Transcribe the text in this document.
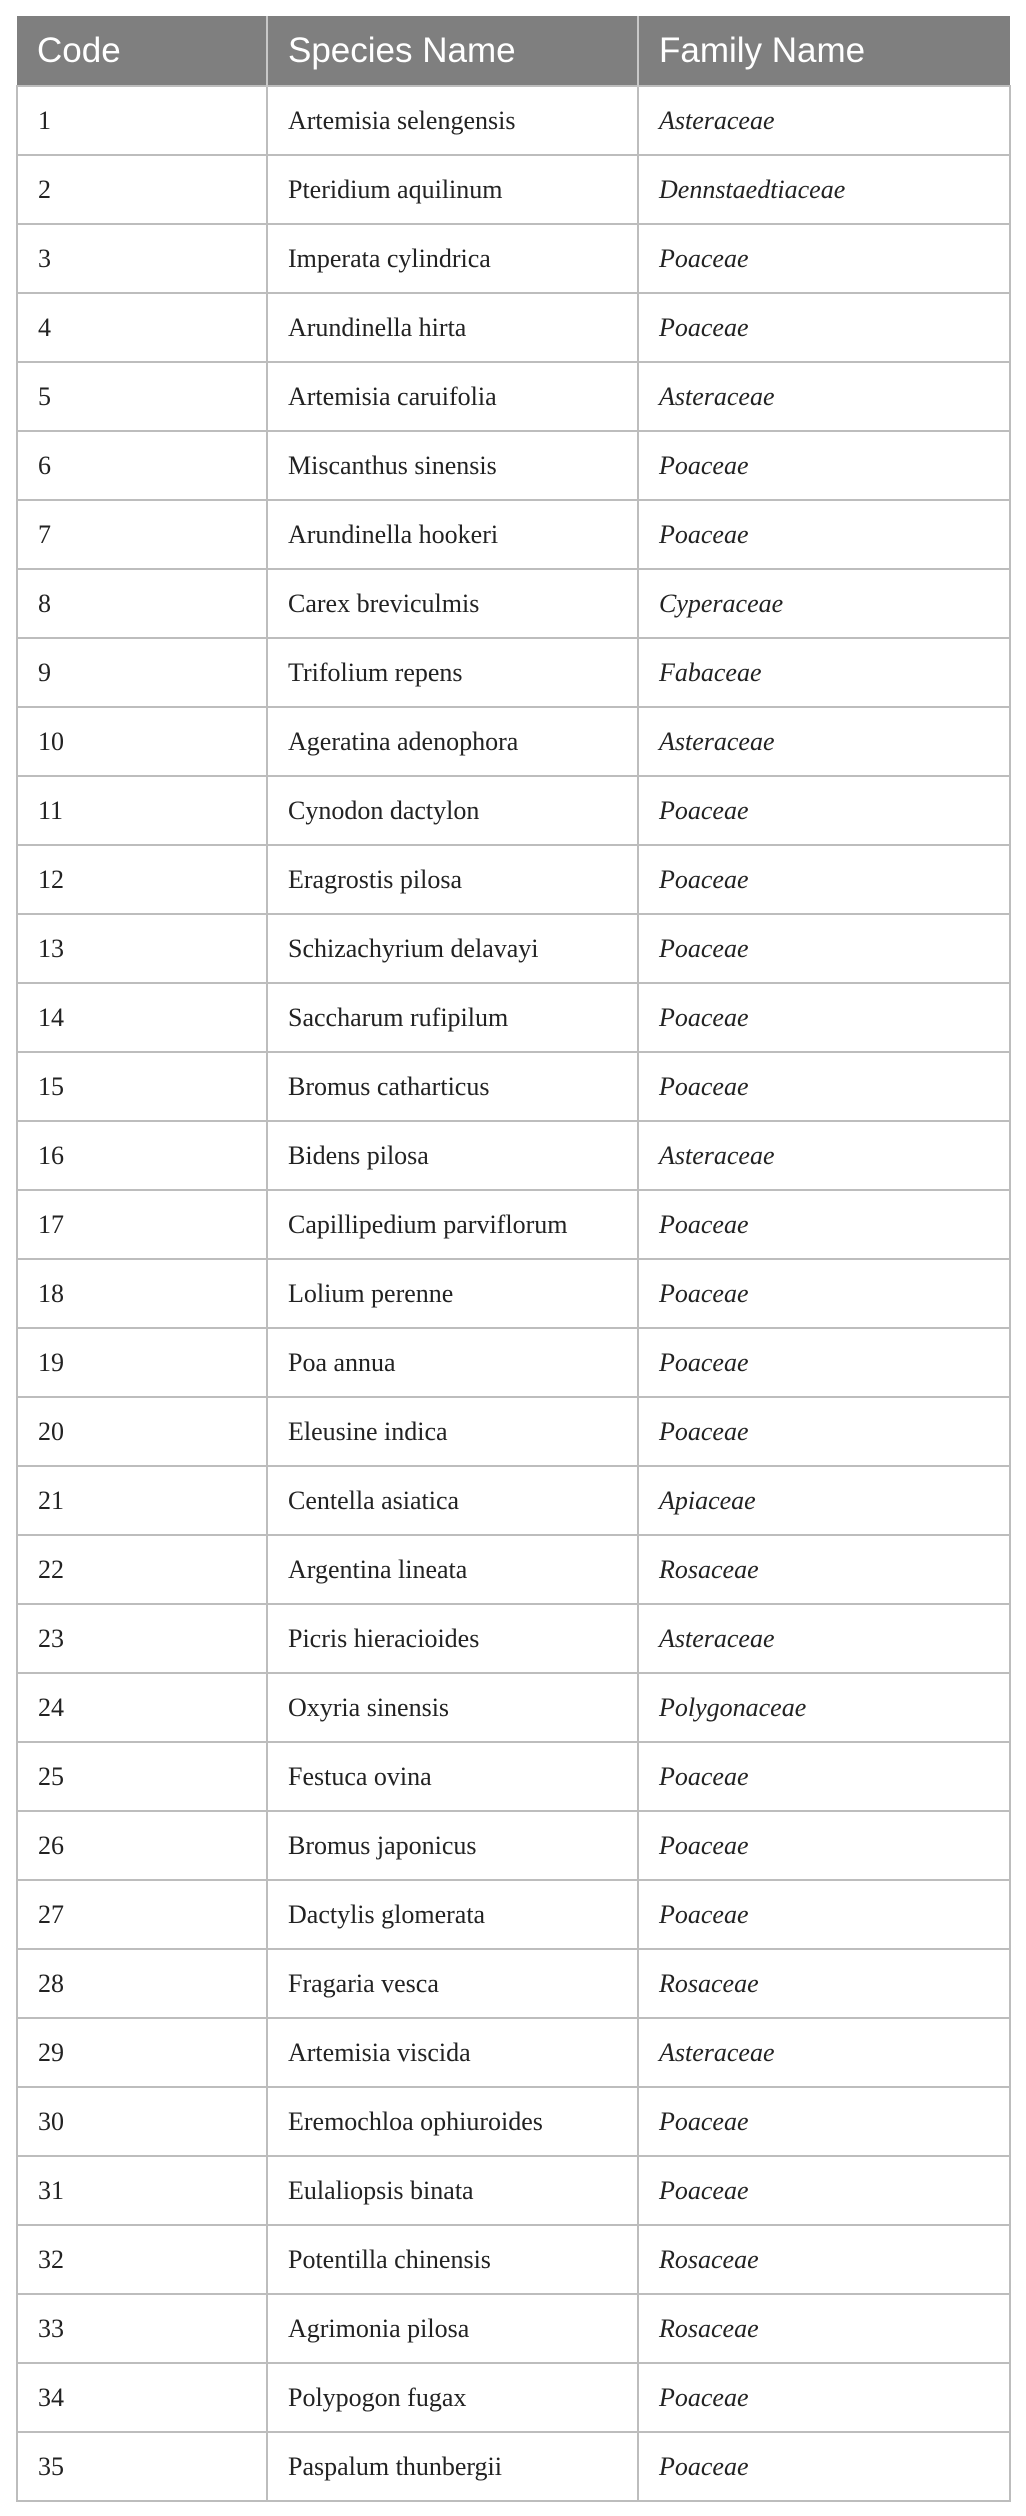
Code	Species Name	Family Name
1	Artemisia selengensis	Asteraceae
2	Pteridium aquilinum	Dennstaedtiaceae
3	Imperata cylindrica	Poaceae
4	Arundinella hirta	Poaceae
5	Artemisia caruifolia	Asteraceae
6	Miscanthus sinensis	Poaceae
7	Arundinella hookeri	Poaceae
8	Carex breviculmis	Cyperaceae
9	Trifolium repens	Fabaceae
10	Ageratina adenophora	Asteraceae
11	Cynodon dactylon	Poaceae
12	Eragrostis pilosa	Poaceae
13	Schizachyrium delavayi	Poaceae
14	Saccharum rufipilum	Poaceae
15	Bromus catharticus	Poaceae
16	Bidens pilosa	Asteraceae
17	Capillipedium parviflorum	Poaceae
18	Lolium perenne	Poaceae
19	Poa annua	Poaceae
20	Eleusine indica	Poaceae
21	Centella asiatica	Apiaceae
22	Argentina lineata	Rosaceae
23	Picris hieracioides	Asteraceae
24	Oxyria sinensis	Polygonaceae
25	Festuca ovina	Poaceae
26	Bromus japonicus	Poaceae
27	Dactylis glomerata	Poaceae
28	Fragaria vesca	Rosaceae
29	Artemisia viscida	Asteraceae
30	Eremochloa ophiuroides	Poaceae
31	Eulaliopsis binata	Poaceae
32	Potentilla chinensis	Rosaceae
33	Agrimonia pilosa	Rosaceae
34	Polypogon fugax	Poaceae
35	Paspalum thunbergii	Poaceae
